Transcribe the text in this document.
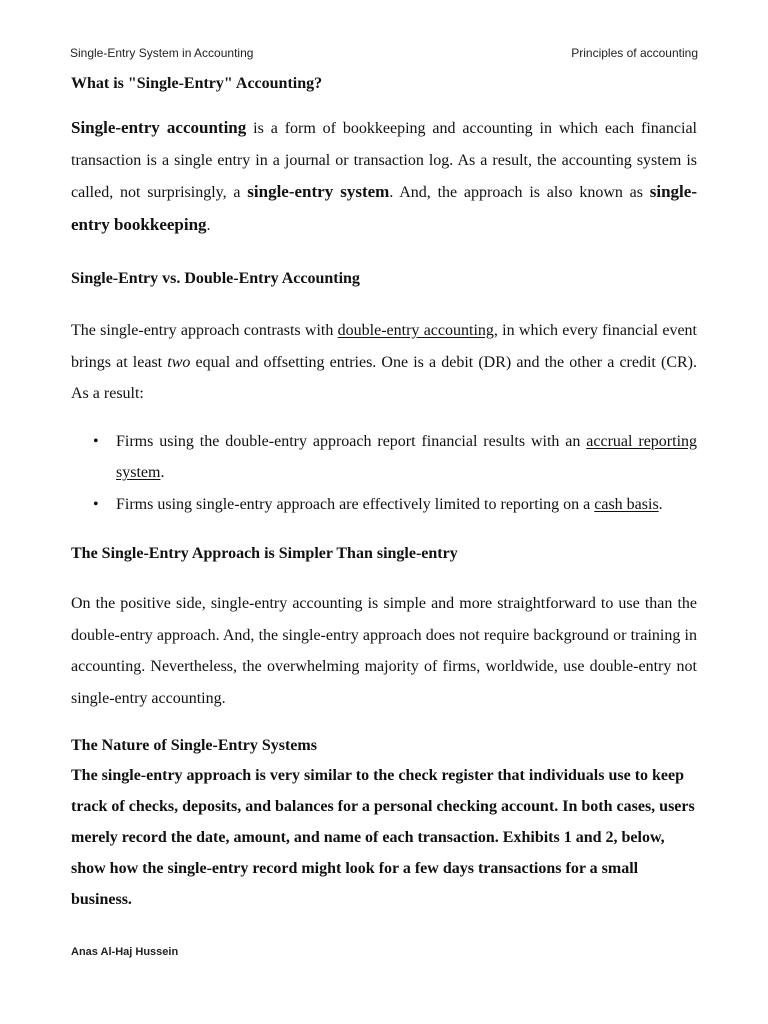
Single-Entry System in Accounting	Principles of accounting
What is "Single-Entry" Accounting?

Single-entry accounting is a form of bookkeeping and accounting in which each financial transaction is a single entry in a journal or transaction log. As a result, the accounting system is called, not surprisingly, a single-entry system. And, the approach is also known as single-entry bookkeeping.

Single-Entry vs. Double-Entry Accounting

The single-entry approach contrasts with double-entry accounting, in which every financial event brings at least two equal and offsetting entries. One is a debit (DR) and the other a credit (CR). As a result:

• Firms using the double-entry approach report financial results with an accrual reporting system.
• Firms using single-entry approach are effectively limited to reporting on a cash basis.
The Single-Entry Approach is Simpler Than single-entry

On the positive side, single-entry accounting is simple and more straightforward to use than the double-entry approach. And, the single-entry approach does not require background or training in accounting. Nevertheless, the overwhelming majority of firms, worldwide, use double-entry not single-entry accounting.

The Nature of Single-Entry Systems

The single-entry approach is very similar to the check register that individuals use to keep track of checks, deposits, and balances for a personal checking account. In both cases, users merely record the date, amount, and name of each transaction. Exhibits 1 and 2, below, show how the single-entry record might look for a few days transactions for a small business.

Anas Al-Haj Hussein
